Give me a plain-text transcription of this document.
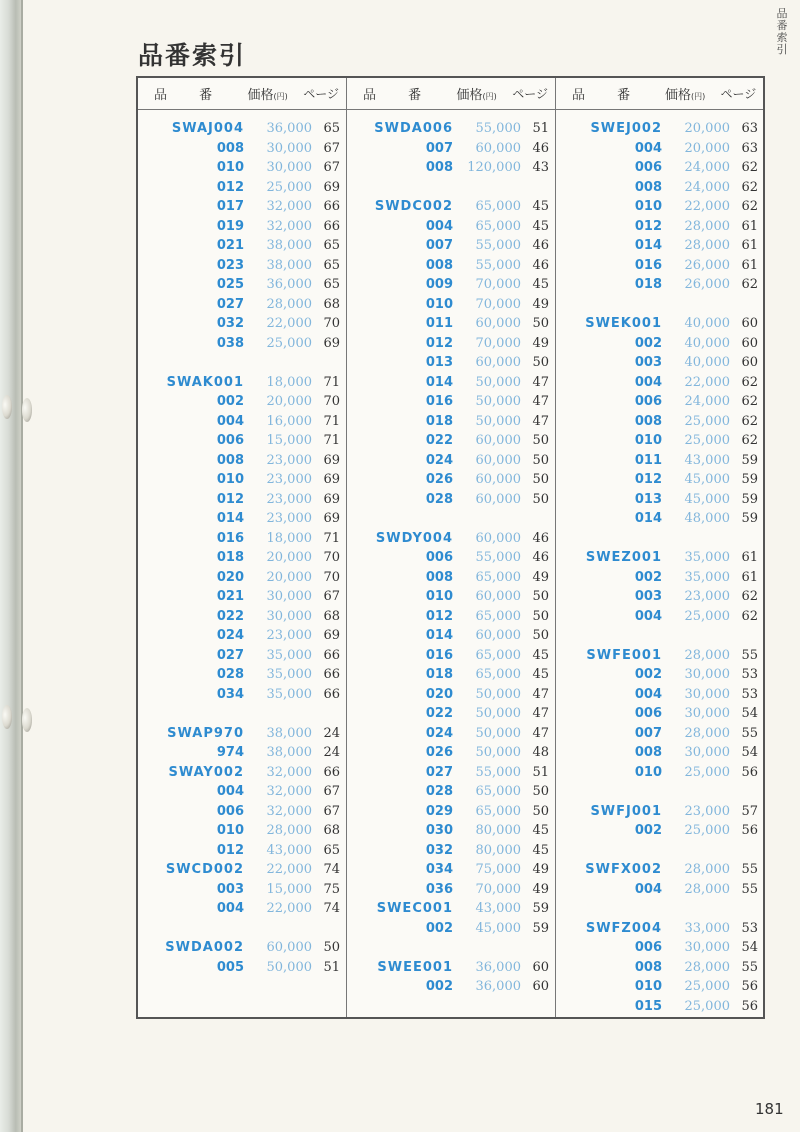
品番索引
品
番
索
引
品 番	価格(円)	ページ
SWAJ004	36,000 65
008	30,000 67
010	30,000 67
012	25,000 69
017	32,000 66
019	32,000 66
021	38,000 65
023	38,000 65
025	36,000 65
027	28,000 68
032	22,000 70
038	25,000 69
SWAK001	18,000 71
002	20,000 70
004	16,000 71
006	15,000 71
008	23,000 69
010	23,000 69
012	23,000 69
014	23,000 69
016	18,000 71
018	20,000 70
020	20,000 70
021	30,000 67
022	30,000 68
024	23,000 69
027	35,000 66
028	35,000 66
034	35,000 66
SWAP970	38,000 24
974	38,000 24
SWAY002	32,000 66
004	32,000 67
006	32,000 67
010	28,000 68
012	43,000 65
SWCD002	22,000 74
003	15,000 75
004	22,000 74
SWDA002	60,000 50
005	50,000 51
品 番	価格(円)	ページ
SWDA006	55,000 51
007	60,000 46
008	120,000 43
SWDC002	65,000 45
004	65,000 45
007	55,000 46
008	55,000 46
009	70,000 45
010	70,000 49
011	60,000 50
012	70,000 49
013	60,000 50
014	50,000 47
016	50,000 47
018	50,000 47
022	60,000 50
024	60,000 50
026	60,000 50
028	60,000 50
SWDY004	60,000 46
006	55,000 46
008	65,000 49
010	60,000 50
012	65,000 50
014	60,000 50
016	65,000 45
018	65,000 45
020	50,000 47
022	50,000 47
024	50,000 47
026	50,000 48
027	55,000 51
028	65,000 50
029	65,000 50
030	80,000 45
032	80,000 45
034	75,000 49
036	70,000 49
SWEC001	43,000 59
002	45,000 59
SWEE001	36,000 60
002	36,000 60
品 番	価格(円)	ページ
SWEJ002	20,000 63
004	20,000 63
006	24,000 62
008	24,000 62
010	22,000 62
012	28,000 61
014	28,000 61
016	26,000 61
018	26,000 62
SWEK001	40,000 60
002	40,000 60
003	40,000 60
004	22,000 62
006	24,000 62
008	25,000 62
010	25,000 62
011	43,000 59
012	45,000 59
013	45,000 59
014	48,000 59
SWEZ001	35,000 61
002	35,000 61
003	23,000 62
004	25,000 62
SWFE001	28,000 55
002	30,000 53
004	30,000 53
006	30,000 54
007	28,000 55
008	30,000 54
010	25,000 56
SWFJ001	23,000 57
002	25,000 56
SWFX002	28,000 55
004	28,000 55
SWFZ004	33,000 53
006	30,000 54
008	28,000 55
010	25,000 56
015	25,000 56
181
